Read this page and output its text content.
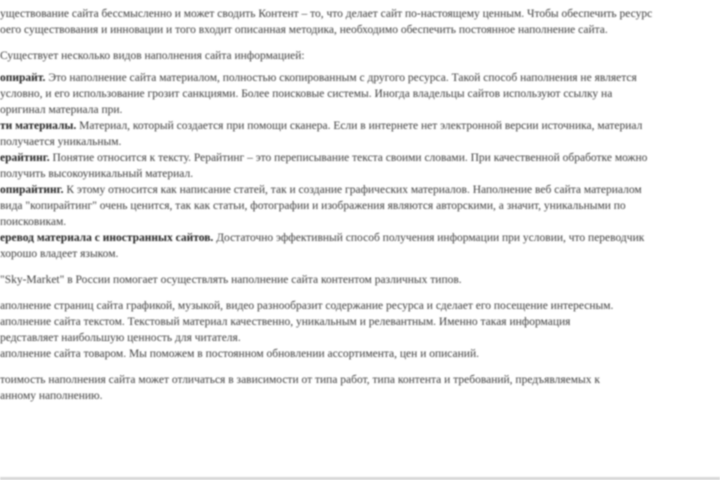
уществование сайта бессмысленно и может сводить Контент – то, что делает сайт по-настоящему ценным. Чтобы обеспечить ресурс
оего существования и инновации и того входит описанная методика, необходимо обеспечить постоянное наполнение сайта.

Существует несколько видов наполнения сайта информацией:

опирайт. Это наполнение сайта материалом, полностью скопированным с другого ресурса. Такой способ наполнения не является
условно, и его использование грозит санкциями. Более поисковые системы. Иногда владельцы сайтов используют ссылку на
оригинал материала при.

ти материалы. Материал, который создается при помощи сканера. Если в интернете нет электронной версии источника, материал
получается уникальным.

ерайтинг. Понятие относится к тексту. Рерайтинг – это переписывание текста своими словами. При качественной обработке можно
получить высокоуникальный материал.

опирайтинг. К этому относится как написание статей, так и создание графических материалов. Наполнение веб сайта материалом
вида "копирайтинг" очень ценится, так как статьи, фотографии и изображения являются авторскими, а значит, уникальными по
поисковикам.

еревод материала с иностранных сайтов. Достаточно эффективный способ получения информации при условии, что переводчик
хорошо владеет языком.

"Sky-Market" в России помогает осуществлять наполнение сайта контентом различных типов.

аполнение страниц сайта графикой, музыкой, видео разнообразит содержание ресурса и сделает его посещение интересным.
аполнение сайта текстом. Текстовый материал качественно, уникальным и релевантным. Именно такая информация
редставляет наибольшую ценность для читателя.

аполнение сайта товаром. Мы поможем в постоянном обновлении ассортимента, цен и описаний.

тоимость наполнения сайта может отличаться в зависимости от типа работ, типа контента и требований, предъявляемых к
анному наполнению.
